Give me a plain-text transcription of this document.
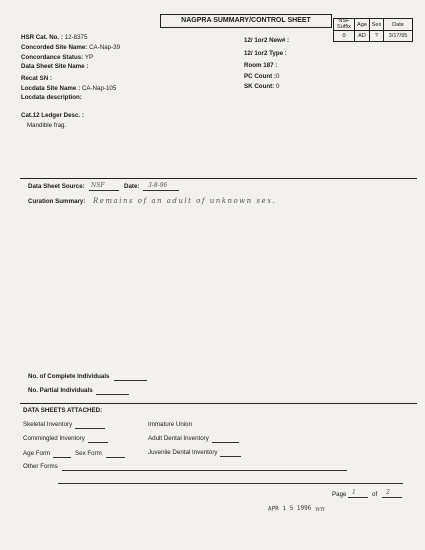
NAGPRA SUMMARY/CONTROL SHEET	NSF Suffix	Age	Sex	Date
0	AD	?	3/17/95
HSR Cat. No. : 12-8375
Concorded Site Name: CA-Nap-39
Concordance Status: YP
Data Sheet Site Name :
Recat SN :
Locdata Site Name : CA-Nap-105
Locdata description:
Cat.12 Ledger Desc. :
Mandible frag.
12/ 1or2 New# :
12/ 1or2 Type :
Room 187 :
PC Count :0
SK Count: 0
Data Sheet Source: NSF	Date: 3-8-96
Curation Summary: Remains of an adult of unknown sex.
No. of Complete Individuals
No. Partial Individuals
DATA SHEETS ATTACHED:
Skeletal Inventory
Commingled Inventory
Age Form	Sex Form
Other Forms
Immature Union
Adult Dental Inventory
Juvenile Dental Inventory
Page 1	of 2
APR 1 5 1996 WR
